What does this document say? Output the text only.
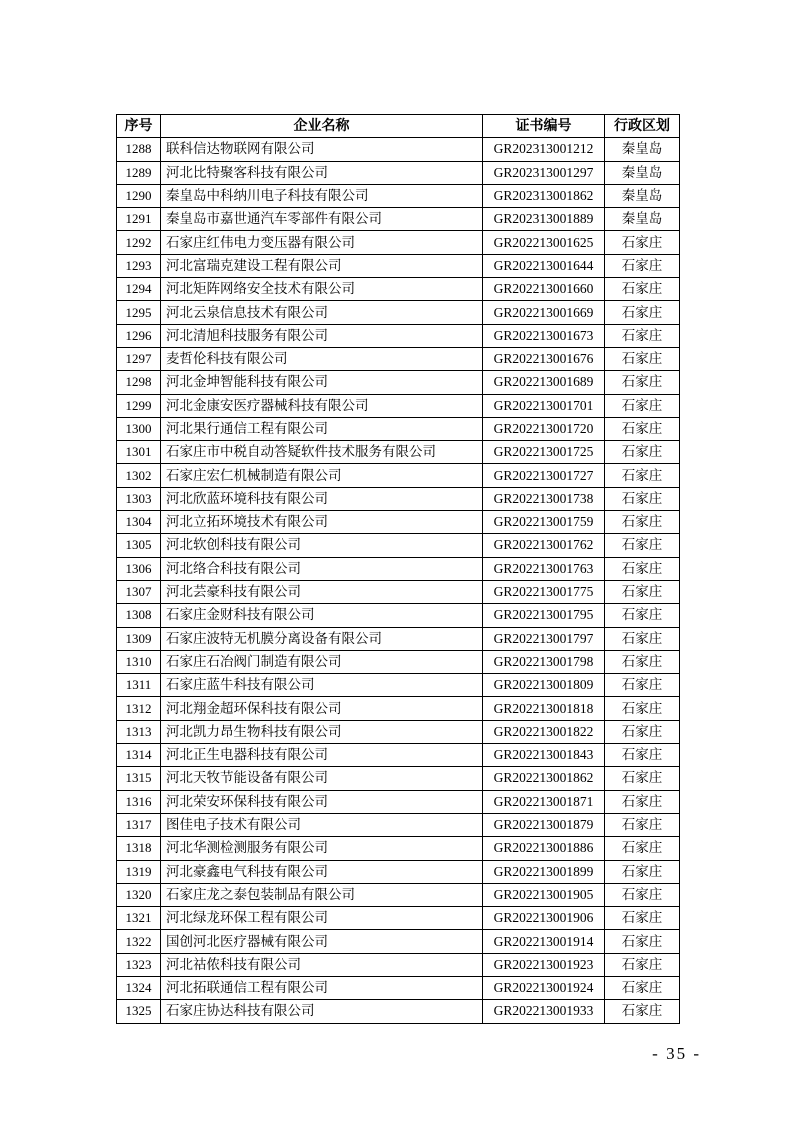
序号	企业名称	证书编号	行政区划
1288	联科信达物联网有限公司	GR202313001212	秦皇岛
1289	河北比特聚客科技有限公司	GR202313001297	秦皇岛
1290	秦皇岛中科纳川电子科技有限公司	GR202313001862	秦皇岛
1291	秦皇岛市嘉世通汽车零部件有限公司	GR202313001889	秦皇岛
1292	石家庄红伟电力变压器有限公司	GR202213001625	石家庄
1293	河北富瑞克建设工程有限公司	GR202213001644	石家庄
1294	河北矩阵网络安全技术有限公司	GR202213001660	石家庄
1295	河北云泉信息技术有限公司	GR202213001669	石家庄
1296	河北清旭科技服务有限公司	GR202213001673	石家庄
1297	麦哲伦科技有限公司	GR202213001676	石家庄
1298	河北金坤智能科技有限公司	GR202213001689	石家庄
1299	河北金康安医疗器械科技有限公司	GR202213001701	石家庄
1300	河北果行通信工程有限公司	GR202213001720	石家庄
1301	石家庄市中税自动答疑软件技术服务有限公司	GR202213001725	石家庄
1302	石家庄宏仁机械制造有限公司	GR202213001727	石家庄
1303	河北欣蓝环境科技有限公司	GR202213001738	石家庄
1304	河北立拓环境技术有限公司	GR202213001759	石家庄
1305	河北软创科技有限公司	GR202213001762	石家庄
1306	河北络合科技有限公司	GR202213001763	石家庄
1307	河北芸豪科技有限公司	GR202213001775	石家庄
1308	石家庄金财科技有限公司	GR202213001795	石家庄
1309	石家庄波特无机膜分离设备有限公司	GR202213001797	石家庄
1310	石家庄石冶阀门制造有限公司	GR202213001798	石家庄
1311	石家庄蓝牛科技有限公司	GR202213001809	石家庄
1312	河北翔金超环保科技有限公司	GR202213001818	石家庄
1313	河北凯力昂生物科技有限公司	GR202213001822	石家庄
1314	河北正生电器科技有限公司	GR202213001843	石家庄
1315	河北天牧节能设备有限公司	GR202213001862	石家庄
1316	河北荣安环保科技有限公司	GR202213001871	石家庄
1317	图佳电子技术有限公司	GR202213001879	石家庄
1318	河北华测检测服务有限公司	GR202213001886	石家庄
1319	河北豪鑫电气科技有限公司	GR202213001899	石家庄
1320	石家庄龙之泰包装制品有限公司	GR202213001905	石家庄
1321	河北绿龙环保工程有限公司	GR202213001906	石家庄
1322	国创河北医疗器械有限公司	GR202213001914	石家庄
1323	河北祜侬科技有限公司	GR202213001923	石家庄
1324	河北拓联通信工程有限公司	GR202213001924	石家庄
1325	石家庄协达科技有限公司	GR202213001933	石家庄
- 35 -
